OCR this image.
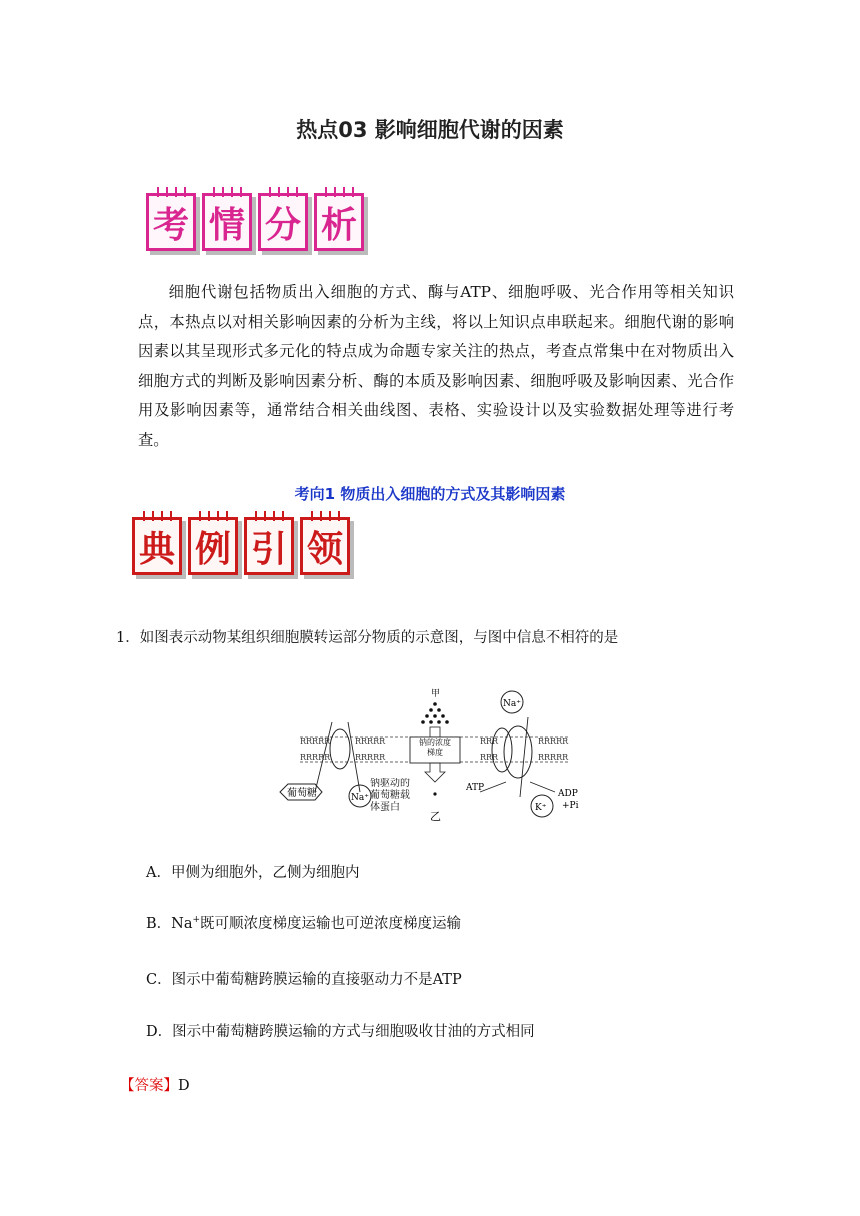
热点03 影响细胞代谢的因素
考 情 分 析
细胞代谢包括物质出入细胞的方式、酶与ATP、细胞呼吸、光合作用等相关知识点，本热点以对相关影响因素的分析为主线，将以上知识点串联起来。细胞代谢的影响因素以其呈现形式多元化的特点成为命题专家关注的热点，考查点常集中在对物质出入细胞方式的判断及影响因素分析、酶的本质及影响因素、细胞呼吸及影响因素、光合作用及影响因素等，通常结合相关曲线图、表格、实验设计以及实验数据处理等进行考查。
考向1 物质出入细胞的方式及其影响因素
典 例 引 领
1．如图表示动物某组织细胞膜转运部分物质的示意图，与图中信息不相符的是
RRRRR
RRRRR
RRRRR
RRRRR
RRR
RRR
RRRRR
RRRRR
葡萄糖	Na⁺
钠驱动的葡萄糖载体蛋白
甲
钠的浓度梯度
乙
Na⁺
ATP
ADP
+Pi
K⁺
A．甲侧为细胞外，乙侧为细胞内
B．Na+既可顺浓度梯度运输也可逆浓度梯度运输
C．图示中葡萄糖跨膜运输的直接驱动力不是ATP
D．图示中葡萄糖跨膜运输的方式与细胞吸收甘油的方式相同
【答案】D
